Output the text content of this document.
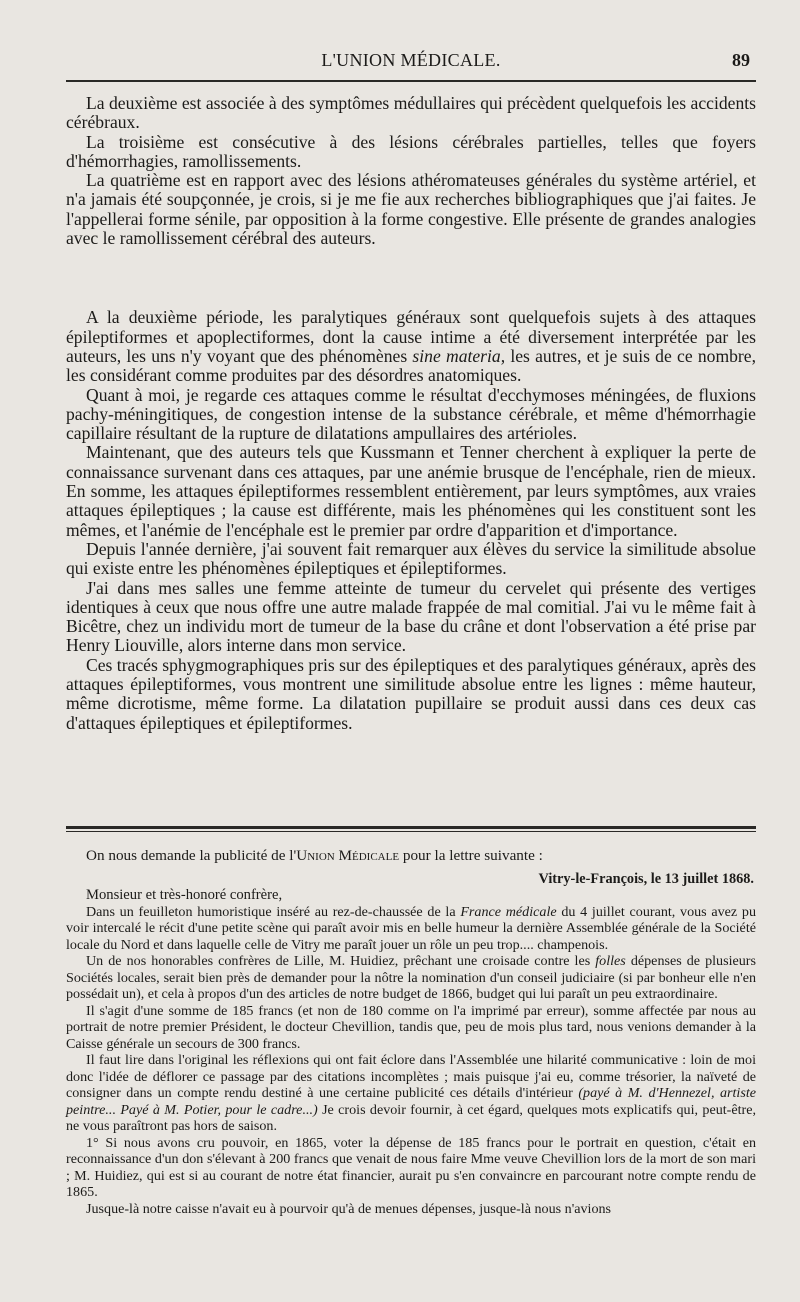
L'UNION MÉDICALE.	89

La deuxième est associée à des symptômes médullaires qui précèdent quelquefois les accidents cérébraux.

La troisième est consécutive à des lésions cérébrales partielles, telles que foyers d'hémorrhagies, ramollissements.

La quatrième est en rapport avec des lésions athéromateuses générales du système artériel, et n'a jamais été soupçonnée, je crois, si je me fie aux recherches bibliographiques que j'ai faites. Je l'appellerai forme sénile, par opposition à la forme congestive. Elle présente de grandes analogies avec le ramollissement cérébral des auteurs.

A la deuxième période, les paralytiques généraux sont quelquefois sujets à des attaques épileptiformes et apoplectiformes, dont la cause intime a été diversement interprétée par les auteurs, les uns n'y voyant que des phénomènes sine materia, les autres, et je suis de ce nombre, les considérant comme produites par des désordres anatomiques.

Quant à moi, je regarde ces attaques comme le résultat d'ecchymoses méningées, de fluxions pachy-méningitiques, de congestion intense de la substance cérébrale, et même d'hémorrhagie capillaire résultant de la rupture de dilatations ampullaires des artérioles.

Maintenant, que des auteurs tels que Kussmann et Tenner cherchent à expliquer la perte de connaissance survenant dans ces attaques, par une anémie brusque de l'encéphale, rien de mieux. En somme, les attaques épileptiformes ressemblent entièrement, par leurs symptômes, aux vraies attaques épileptiques ; la cause est différente, mais les phénomènes qui les constituent sont les mêmes, et l'anémie de l'encéphale est le premier par ordre d'apparition et d'importance.

Depuis l'année dernière, j'ai souvent fait remarquer aux élèves du service la similitude absolue qui existe entre les phénomènes épileptiques et épileptiformes.

J'ai dans mes salles une femme atteinte de tumeur du cervelet qui présente des vertiges identiques à ceux que nous offre une autre malade frappée de mal comitial. J'ai vu le même fait à Bicêtre, chez un individu mort de tumeur de la base du crâne et dont l'observation a été prise par Henry Liouville, alors interne dans mon service.

Ces tracés sphygmographiques pris sur des épileptiques et des paralytiques généraux, après des attaques épileptiformes, vous montrent une similitude absolue entre les lignes : même hauteur, même dicrotisme, même forme. La dilatation pupillaire se produit aussi dans ces deux cas d'attaques épileptiques et épileptiformes.

On nous demande la publicité de l'Union Médicale pour la lettre suivante :

Vitry-le-François, le 13 juillet 1868.

Monsieur et très-honoré confrère,

Dans un feuilleton humoristique inséré au rez-de-chaussée de la France médicale du 4 juillet courant, vous avez pu voir intercalé le récit d'une petite scène qui paraît avoir mis en belle humeur la dernière Assemblée générale de la Société locale du Nord et dans laquelle celle de Vitry me paraît jouer un rôle un peu trop.... champenois.

Un de nos honorables confrères de Lille, M. Huidiez, prêchant une croisade contre les folles dépenses de plusieurs Sociétés locales, serait bien près de demander pour la nôtre la nomination d'un conseil judiciaire (si par bonheur elle n'en possédait un), et cela à propos d'un des articles de notre budget de 1866, budget qui lui paraît un peu extraordinaire.

Il s'agit d'une somme de 185 francs (et non de 180 comme on l'a imprimé par erreur), somme affectée par nous au portrait de notre premier Président, le docteur Chevillion, tandis que, peu de mois plus tard, nous venions demander à la Caisse générale un secours de 300 francs.

Il faut lire dans l'original les réflexions qui ont fait éclore dans l'Assemblée une hilarité communicative : loin de moi donc l'idée de déflorer ce passage par des citations incomplètes ; mais puisque j'ai eu, comme trésorier, la naïveté de consigner dans un compte rendu destiné à une certaine publicité ces détails d'intérieur (payé à M. d'Hennezel, artiste peintre... Payé à M. Potier, pour le cadre...) Je crois devoir fournir, à cet égard, quelques mots explicatifs qui, peut-être, ne vous paraîtront pas hors de saison.

1° Si nous avons cru pouvoir, en 1865, voter la dépense de 185 francs pour le portrait en question, c'était en reconnaissance d'un don s'élevant à 200 francs que venait de nous faire Mme veuve Chevillion lors de la mort de son mari ; M. Huidiez, qui est si au courant de notre état financier, aurait pu s'en convaincre en parcourant notre compte rendu de 1865.

Jusque-là notre caisse n'avait eu à pourvoir qu'à de menues dépenses, jusque-là nous n'avions
